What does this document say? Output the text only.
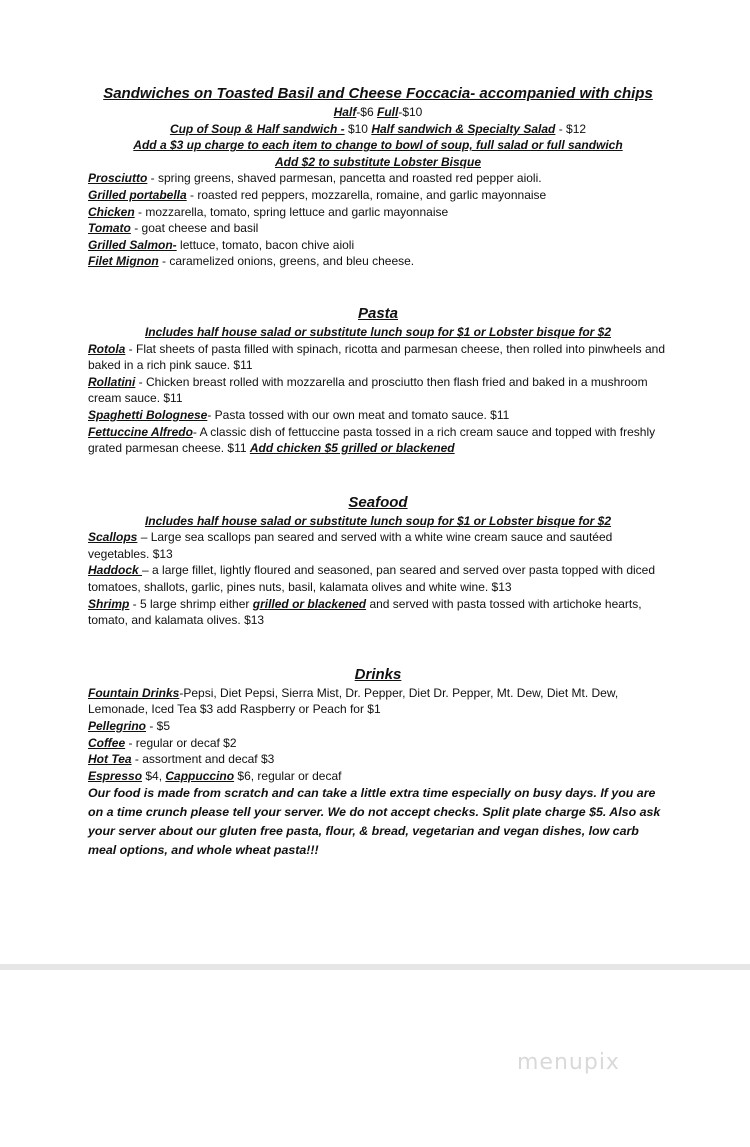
Sandwiches on Toasted Basil and Cheese Foccacia- accompanied with chips

Half-$6 Full-$10

Cup of Soup & Half sandwich - $10 Half sandwich & Specialty Salad - $12

Add a $3 up charge to each item to change to bowl of soup, full salad or full sandwich

Add $2 to substitute Lobster Bisque

Prosciutto - spring greens, shaved parmesan, pancetta and roasted red pepper aioli.

Grilled portabella - roasted red peppers, mozzarella, romaine, and garlic mayonnaise

Chicken - mozzarella, tomato, spring lettuce and garlic mayonnaise

Tomato - goat cheese and basil

Grilled Salmon- lettuce, tomato, bacon chive aioli

Filet Mignon - caramelized onions, greens, and bleu cheese.

Pasta

Includes half house salad or substitute lunch soup for $1 or Lobster bisque for $2

Rotola - Flat sheets of pasta filled with spinach, ricotta and parmesan cheese, then rolled into pinwheels and baked in a rich pink sauce. $11

Rollatini - Chicken breast rolled with mozzarella and prosciutto then flash fried and baked in a mushroom cream sauce. $11

Spaghetti Bolognese- Pasta tossed with our own meat and tomato sauce. $11

Fettuccine Alfredo- A classic dish of fettuccine pasta tossed in a rich cream sauce and topped with freshly grated parmesan cheese. $11 Add chicken $5 grilled or blackened

Seafood

Includes half house salad or substitute lunch soup for $1 or Lobster bisque for $2

Scallops – Large sea scallops pan seared and served with a white wine cream sauce and sautéed vegetables. $13

Haddock – a large fillet, lightly floured and seasoned, pan seared and served over pasta topped with diced tomatoes, shallots, garlic, pines nuts, basil, kalamata olives and white wine. $13

Shrimp - 5 large shrimp either grilled or blackened and served with pasta tossed with artichoke hearts, tomato, and kalamata olives. $13

Drinks

Fountain Drinks-Pepsi, Diet Pepsi, Sierra Mist, Dr. Pepper, Diet Dr. Pepper, Mt. Dew, Diet Mt. Dew, Lemonade, Iced Tea $3 add Raspberry or Peach for $1

Pellegrino - $5

Coffee - regular or decaf $2

Hot Tea - assortment and decaf $3

Espresso $4, Cappuccino $6, regular or decaf

Our food is made from scratch and can take a little extra time especially on busy days. If you are on a time crunch please tell your server. We do not accept checks. Split plate charge $5. Also ask your server about our gluten free pasta, flour, & bread, vegetarian and vegan dishes, low carb meal options, and whole wheat pasta!!!

menupix
